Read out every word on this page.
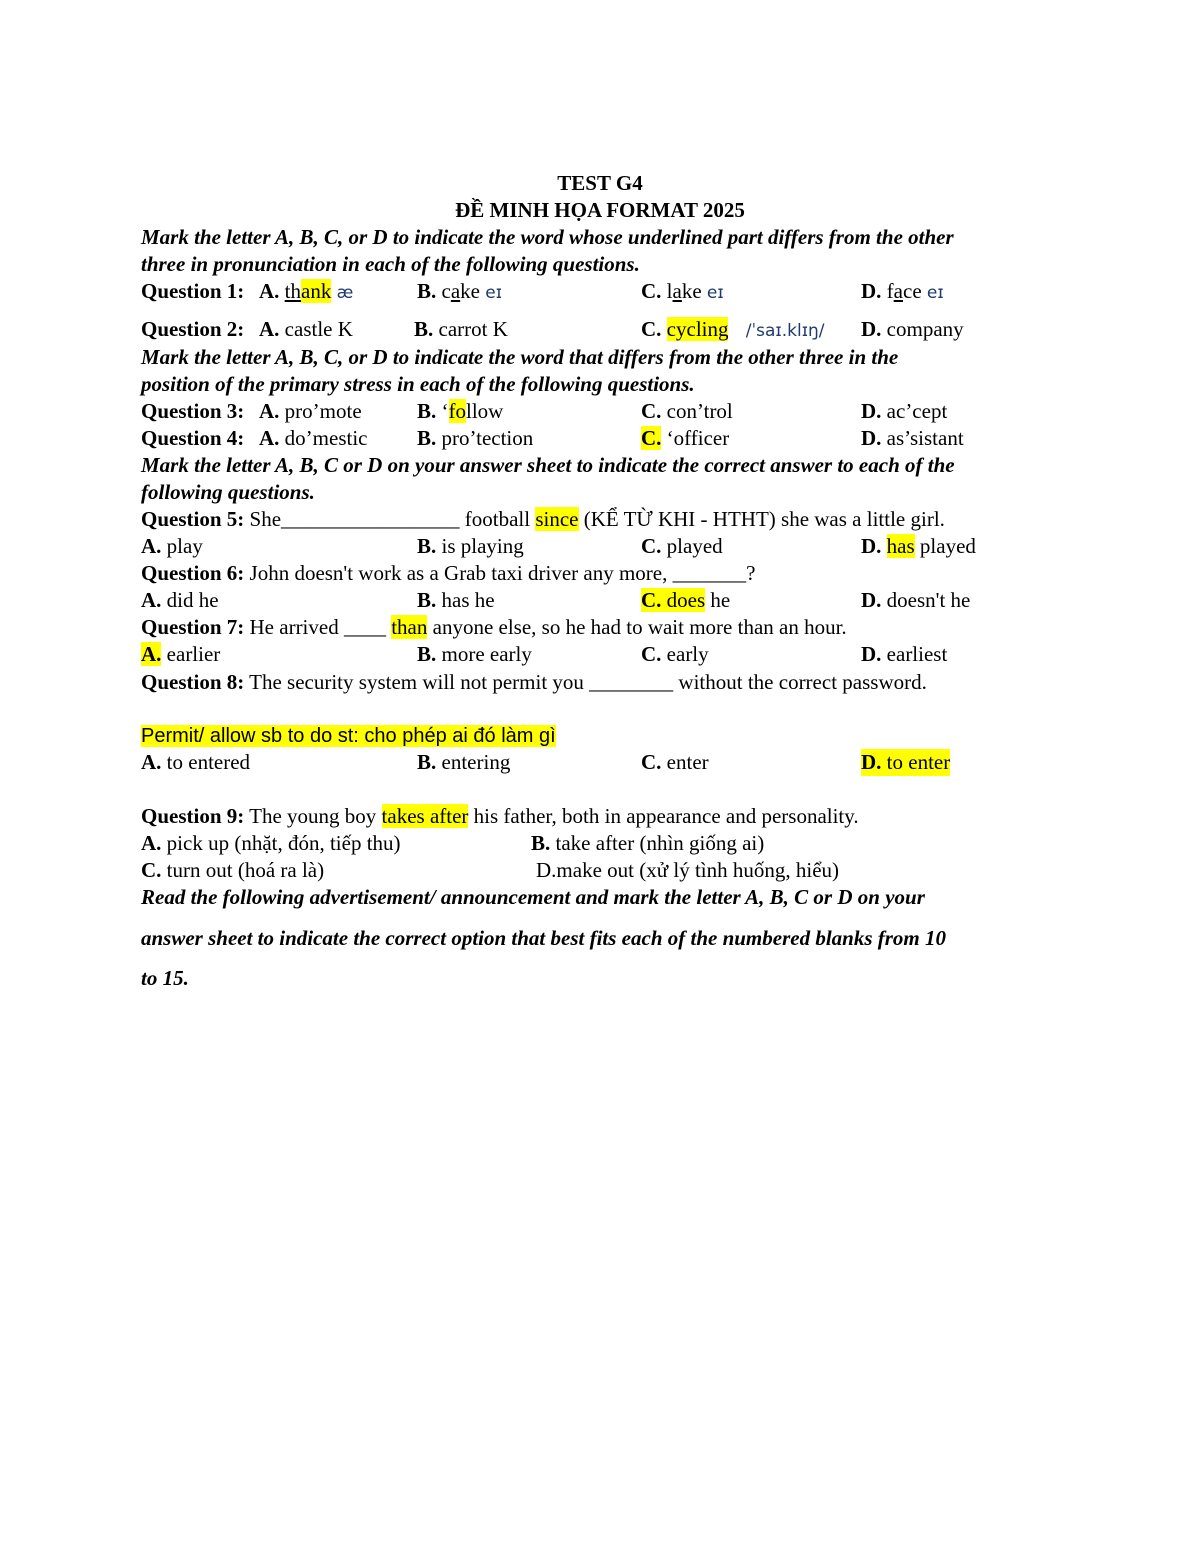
TEST G4
ĐỀ MINH HỌA FORMAT 2025
Mark the letter A, B, C, or D to indicate the word whose underlined part differs from the other
three in pronunciation in each of the following questions.
Question 1: A. thank æ	B. cake eɪ	C. lake eɪ	D. face eɪ
Question 2: A. castle K	B. carrot K	C. cycling /ˈsaɪ.klɪŋ/ D. company
Mark the letter A, B, C, or D to indicate the word that differs from the other three in the
position of the primary stress in each of the following questions.
Question 3: A. pro’mote	B. ‘follow	C. con’trol	D. ac’cept
Question 4: A. do’mestic B. pro’tection	C. ‘officer	D. as’sistant
Mark the letter A, B, C or D on your answer sheet to indicate the correct answer to each of the
following questions.
Question 5: She_________________ football since (KỂ TỪ KHI - HTHT) she was a little girl.
A. play	B. is playing	C. played	D. has played
Question 6: John doesn't work as a Grab taxi driver any more, _______?
A. did he	B. has he	C. does he	D. doesn't he
Question 7: He arrived ____ than anyone else, so he had to wait more than an hour.
A. earlier	B. more early	C. early	D. earliest
Question 8: The security system will not permit you ________ without the correct password.
Permit/ allow sb to do st: cho phép ai đó làm gì
A. to entered	B. entering	C. enter	D. to enter
Question 9: The young boy takes after his father, both in appearance and personality.
A. pick up (nhặt, đón, tiếp thu)	B. take after (nhìn giống ai)
C. turn out (hoá ra là)	D.make out (xử lý tình huống, hiểu)
Read the following advertisement/ announcement and mark the letter A, B, C or D on your
answer sheet to indicate the correct option that best fits each of the numbered blanks from 10
to 15.
